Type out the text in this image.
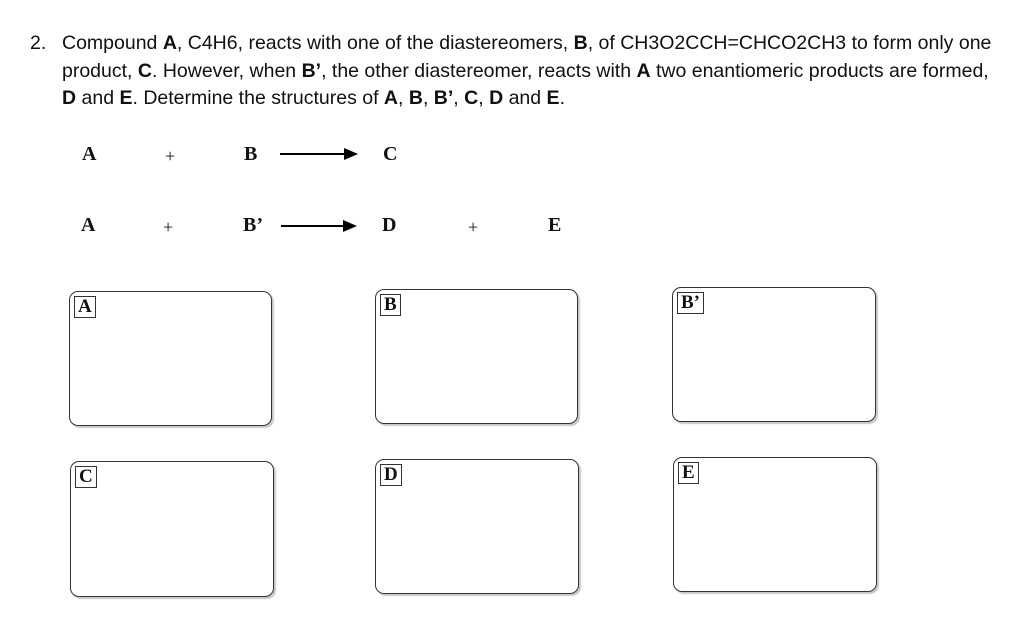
2. Compound A, C4H6, reacts with one of the diastereomers, B, of CH3O2CCH=CHCO2CH3 to form only one product, C. However, when B’, the other diastereomer, reacts with A two enantiomeric products are formed, D and E. Determine the structures of A, B, B’, C, D and E.
A	+	B	C
A	+	B’	D	+	E
A	B	B’
C	D	E
